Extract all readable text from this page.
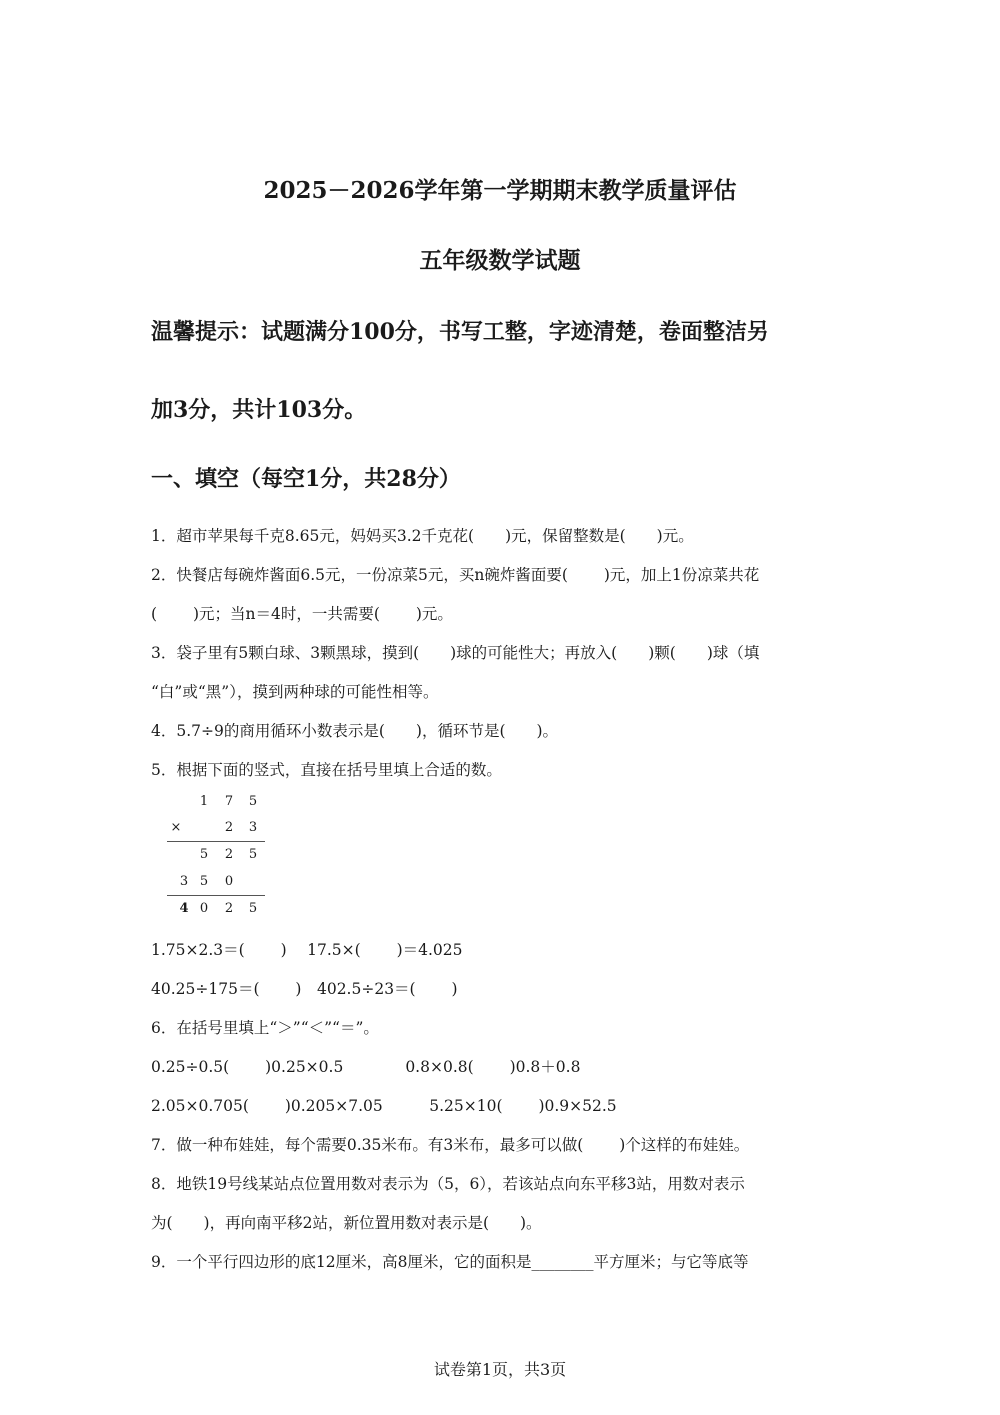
2025－2026学年第一学期期末教学质量评估
五年级数学试题
温馨提示：试题满分100分，书写工整，字迹清楚，卷面整洁另
加3分，共计103分。
一、填空（每空1分，共28分）
1．超市苹果每千克8.65元，妈妈买3.2千克花(　　)元，保留整数是(　　)元。
2．快餐店每碗炸酱面6.5元，一份凉菜5元，买n碗炸酱面要(　　 )元，加上1份凉菜共花
(　　 )元；当n＝4时，一共需要(　　 )元。
3．袋子里有5颗白球、3颗黑球，摸到(　　)球的可能性大；再放入(　　)颗(　　)球（填
“白”或“黑”），摸到两种球的可能性相等。
4．5.7÷9的商用循环小数表示是(　　)，循环节是(　　)。
5．根据下面的竖式，直接在括号里填上合适的数。
1 7 5
×	2 3
5 2 5
3 5 0
4 0 2 5
1.75×2.3＝(　　 )　 17.5×(　　 )＝4.025
40.25÷175＝(　　 )　402.5÷23＝(　　 )
6．在括号里填上“＞”“＜”“＝”。
0.25÷0.5(　　 )0.25×0.5　　　　0.8×0.8(　　 )0.8＋0.8
2.05×0.705(　　 )0.205×7.05　　　5.25×10(　　 )0.9×52.5
7．做一种布娃娃，每个需要0.35米布。有3米布，最多可以做(　　 )个这样的布娃娃。
8．地铁19号线某站点位置用数对表示为（5，6），若该站点向东平移3站，用数对表示
为(　　)，再向南平移2站，新位置用数对表示是(　　)。
9．一个平行四边形的底12厘米，高8厘米，它的面积是________平方厘米；与它等底等
试卷第1页，共3页
